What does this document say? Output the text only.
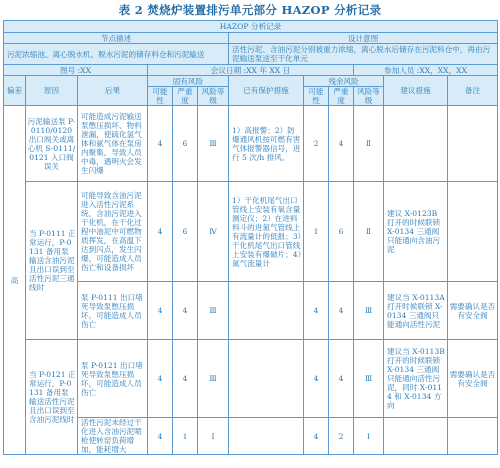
表 2 焚烧炉装置排污单元部分 HAZOP 分析记录
HAZOP 分析记录											
节点描述						设计意图					
污泥浓缩池、离心脱水机、脱水污泥的储存料仓和污泥输送						活性污泥、含油污泥分别被重力浓缩，离心脱水后储存在污泥料仓中，再由污泥输送泵送至干化单元					
图号 :XX			会议日期 :XX 年 XX 日						参加人员 :XX，XX，XX		
偏差	原因	后果	固有风险			已有保护措施	残余风险			建议措施	备注
			可能性	严重度	风险等级		可能性	严重度	风险等级		
高	污泥输送泵 P-0110/0120 出口阀关或离心机 S-0111/0121 入口阀误关	可能造成污泥输送泵憋压损坏、物料泄漏，使硫化氢气体和氨气体在泵房内聚集，导致人员中毒，遇明火会发生闪爆	4	6	Ⅲ	1）高报警；2）防爆通风机按可燃有害气体报警器信号，进行 5 次/h 排风。	2	4	Ⅱ		
	当 P-0111 正常运行，P-0131 备用泵输送含油污泥且出口误到至活性污泥三通线时	可能导致含油污泥进入活性污泥系统，含油污泥进入干化机，在干化过程中油泥中可燃物质挥发，在高温下达到闪点，发生闪爆，可能造成人员伤亡和设备损坏	4	6	Ⅳ	1）干化机尾气出口管线上安装有氧含量测定仪；2）在进料料斗的进氮气管线上有流量计的低报；3）干化机尾气出口管线上安装有爆破片；4）氮气流量计	1	6	Ⅱ	建议 X-0123B 打开的时候联锁 X-0134 三通阀只能通向含油污泥	
		泵 P-0111 出口堵死导致泵憋压损坏，可能造成人员伤亡	4	4	Ⅲ		4	4	Ⅲ	建议当 X-0113A 打开时候联锁 X-0134 三通阀只能通向活性污泥	需要确认是否有安全阀
	当 P-0121 正常运行，P-0131 备用泵输送活性污泥且出口误到至含油污泥线时	泵 P-0121 出口堵死导致泵憋压损坏，可能造成人员伤亡	4	4	Ⅲ		4	4	Ⅲ	建议当 X-0113B 打开的时候联锁 X-0134 三通阀只能通向活性污泥，同时 X-0114 和 X-0134 方向	需要确认是否有安全阀
		活性污泥未经过干化进入含油污泥喷枪使转窑负荷增加，能耗增大	4	1	Ⅰ		4	2	Ⅰ		
